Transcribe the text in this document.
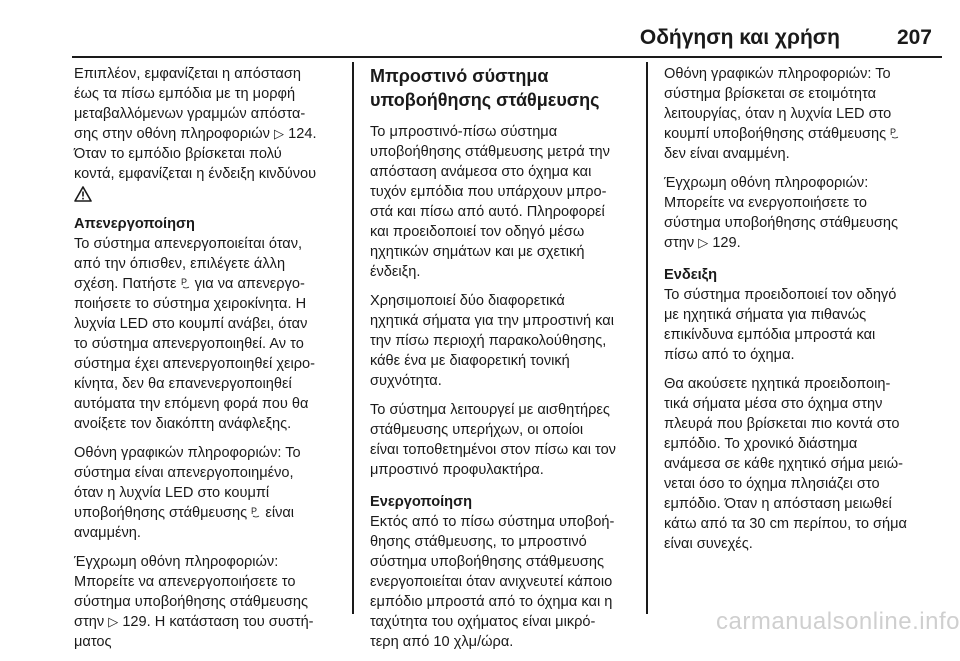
Οδήγηση και χρήση	207

Επιπλέον, εμφανίζεται η απόσταση
έως τα πίσω εμπόδια με τη μορφή
μεταβαλλόμενων γραμμών απόστα-
σης στην οθόνη πληροφοριών ▷ 124.
Όταν το εμπόδιο βρίσκεται πολύ
κοντά, εμφανίζεται η ένδειξη κινδύνου

Απενεργοποίηση

Το σύστημα απενεργοποιείται όταν,
από την όπισθεν, επιλέγετε άλλη
σχέση. Πατήστε P για να απενεργο-
ποιήσετε το σύστημα χειροκίνητα. Η
λυχνία LED στο κουμπί ανάβει, όταν
το σύστημα απενεργοποιηθεί. Αν το
σύστημα έχει απενεργοποιηθεί χειρο-
κίνητα, δεν θα επανενεργοποιηθεί
αυτόματα την επόμενη φορά που θα
ανοίξετε τον διακόπτη ανάφλεξης.

Οθόνη γραφικών πληροφοριών: Το
σύστημα είναι απενεργοποιημένο,
όταν η λυχνία LED στο κουμπί
υποβοήθησης στάθμευσης P είναι
αναμμένη.

Έγχρωμη οθόνη πληροφοριών:
Μπορείτε να απενεργοποιήσετε το
σύστημα υποβοήθησης στάθμευσης
στην ▷ 129. Η κατάσταση του συστή-
ματος

Μπροστινό σύστημα
υποβοήθησης στάθμευσης

Το μπροστινό-πίσω σύστημα
υποβοήθησης στάθμευσης μετρά την
απόσταση ανάμεσα στο όχημα και
τυχόν εμπόδια που υπάρχουν μπρο-
στά και πίσω από αυτό. Πληροφορεί
και προειδοποιεί τον οδηγό μέσω
ηχητικών σημάτων και με σχετική
ένδειξη.

Χρησιμοποιεί δύο διαφορετικά
ηχητικά σήματα για την μπροστινή και
την πίσω περιοχή παρακολούθησης,
κάθε ένα με διαφορετική τονική
συχνότητα.

Το σύστημα λειτουργεί με αισθητήρες
στάθμευσης υπερήχων, οι οποίοι
είναι τοποθετημένοι στον πίσω και τον
μπροστινό προφυλακτήρα.

Ενεργοποίηση

Εκτός από το πίσω σύστημα υποβοή-
θησης στάθμευσης, το μπροστινό
σύστημα υποβοήθησης στάθμευσης
ενεργοποιείται όταν ανιχνευτεί κάποιο
εμπόδιο μπροστά από το όχημα και η
ταχύτητα του οχήματος είναι μικρό-
τερη από 10 χλμ/ώρα.

Οθόνη γραφικών πληροφοριών: Το
σύστημα βρίσκεται σε ετοιμότητα
λειτουργίας, όταν η λυχνία LED στο
κουμπί υποβοήθησης στάθμευσης P

δεν είναι αναμμένη.

Έγχρωμη οθόνη πληροφοριών:
Μπορείτε να ενεργοποιήσετε το
σύστημα υποβοήθησης στάθμευσης
στην ▷ 129.

Ενδειξη

Το σύστημα προειδοποιεί τον οδηγό
με ηχητικά σήματα για πιθανώς
επικίνδυνα εμπόδια μπροστά και
πίσω από το όχημα.

Θα ακούσετε ηχητικά προειδοποιη-
τικά σήματα μέσα στο όχημα στην
πλευρά που βρίσκεται πιο κοντά στο
εμπόδιο. Το χρονικό διάστημα
ανάμεσα σε κάθε ηχητικό σήμα μειώ-
νεται όσο το όχημα πλησιάζει στο
εμπόδιο. Όταν η απόσταση μειωθεί
κάτω από τα 30 cm περίπου, το σήμα
είναι συνεχές.

carmanualsonline.info
